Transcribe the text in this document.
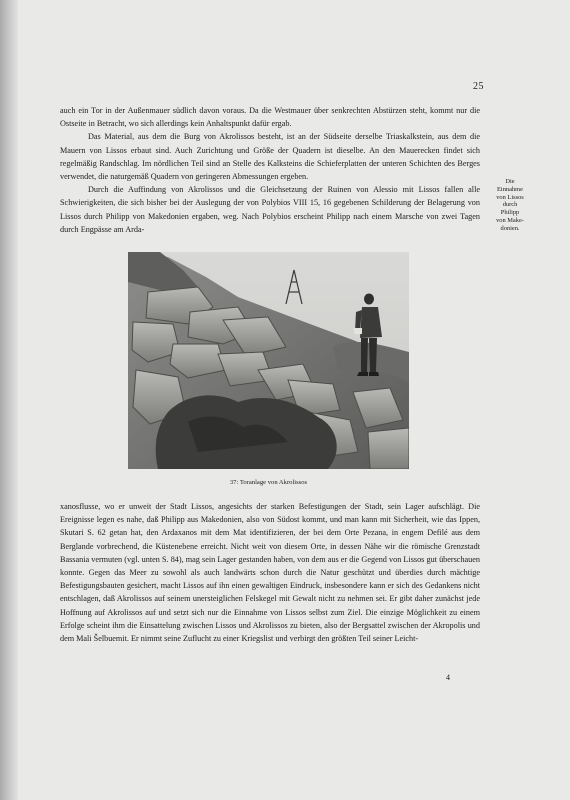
25

auch ein Tor in der Außenmauer südlich davon voraus. Da die Westmauer über senkrechten Abstürzen steht, kommt nur die Ostseite in Betracht, wo sich allerdings kein Anhaltspunkt dafür ergab.

Das Material, aus dem die Burg von Akrolissos besteht, ist an der Südseite derselbe Triaskalkstein, aus dem die Mauern von Lissos erbaut sind. Auch Zurichtung und Größe der Quadern ist dieselbe. An den Mauerecken findet sich regelmäßig Randschlag. Im nördlichen Teil sind an Stelle des Kalksteins die Schieferplatten der unteren Schichten des Berges verwendet, die naturgemäß Quadern von geringeren Abmessungen ergeben.

Durch die Auffindung von Akrolissos und die Gleichsetzung der Ruinen von Alessio mit Lissos fallen alle Schwierigkeiten, die sich bisher bei der Auslegung der von Polybios VIII 15, 16 gegebenen Schilderung der Belagerung von Lissos durch Philipp von Makedonien ergaben, weg. Nach Polybios erscheint Philipp nach einem Marsche von zwei Tagen durch Engpässe am Arda-

Die
Einnahme
von Lissos
durch
Philipp
von Make-
donien.
37: Toranlage von Akrolissos

xanosflusse, wo er unweit der Stadt Lissos, angesichts der starken Befestigungen der Stadt, sein Lager aufschlägt. Die Ereignisse legen es nahe, daß Philipp aus Makedonien, also von Südost kommt, und man kann mit Sicherheit, wie das Ippen, Skutari S. 62 getan hat, den Ardaxanos mit dem Mat identifizieren, der bei dem Orte Pezana, in engem Defilé aus dem Berglande vorbrechend, die Küstenebene erreicht. Nicht weit von diesem Orte, in dessen Nähe wir die römische Grenzstadt Bassania vermuten (vgl. unten S. 84), mag sein Lager gestanden haben, von dem aus er die Gegend von Lissos gut überschauen konnte. Gegen das Meer zu sowohl als auch landwärts schon durch die Natur geschützt und überdies durch mächtige Befestigungsbauten gesichert, macht Lissos auf ihn einen gewaltigen Eindruck, insbesondere kann er sich des Gedankens nicht entschlagen, daß Akrolissos auf seinem unersteiglichen Felskegel mit Gewalt nicht zu nehmen sei. Er gibt daher zunächst jede Hoffnung auf Akrolissos auf und setzt sich nur die Einnahme von Lissos selbst zum Ziel. Die einzige Möglichkeit zu einem Erfolge scheint ihm die Einsattelung zwischen Lissos und Akrolissos zu bieten, also der Bergsattel zwischen der Akropolis und dem Mali Šelbuemit. Er nimmt seine Zuflucht zu einer Kriegslist und verbirgt den größten Teil seiner Leicht-

4
